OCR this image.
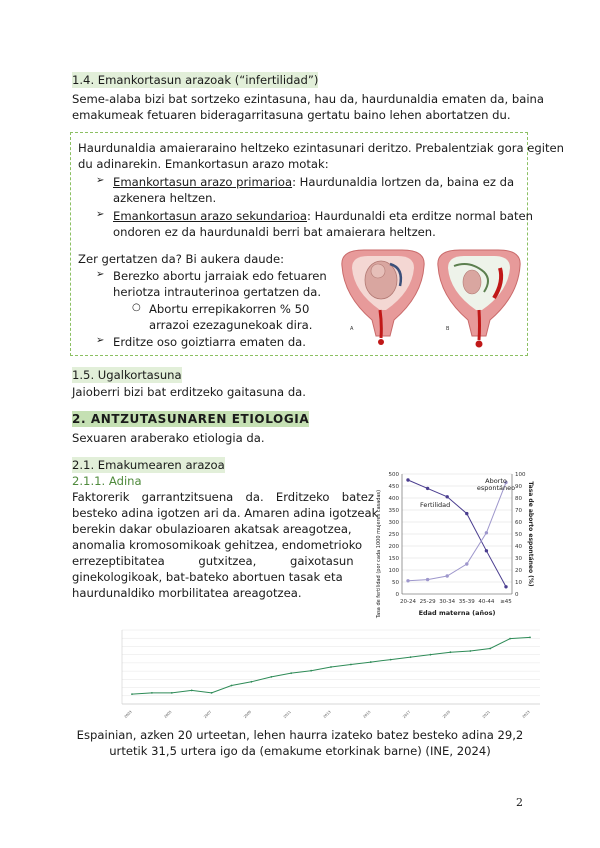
1.4. Emankortasun arazoak (“infertilidad”)
Seme-alaba bizi bat sortzeko ezintasuna, hau da, haurdunaldia ematen da, baina
emakumeak fetuaren bideragarritasuna gertatu baino lehen abortatzen du.
Haurdunaldia amaieraraino heltzeko ezintasunari deritzo. Prebalentziak gora egiten
du adinarekin. Emankortasun arazo motak:
➢ Emankortasun arazo primarioa: Haurdunaldia lortzen da, baina ez da
azkenera heltzen.
➢ Emankortasun arazo sekundarioa: Haurdunaldi eta erditze normal baten
ondoren ez da haurdunaldi berri bat amaierara heltzen.
Zer gertatzen da? Bi aukera daude:
➢ Berezko abortu jarraiak edo fetuaren
heriotza intrauterinoa gertatzen da.
○ Abortu errepikakorren % 50
arrazoi ezezagunekoak dira.
➢ Erditze oso goiztiarra ematen da.
A	B
1.5. Ugalkortasuna
Jaioberri bizi bat erditzeko gaitasuna da.
2. ANTZUTASUNAREN ETIOLOGIA
Sexuaren araberako etiologia da.
2.1. Emakumearen arazoa
2.1.1. Adina
Faktorerik garrantzitsuena da. Erditzeko batez
besteko adina igotzen ari da. Amaren adina igotzeak
berekin dakar obulazioaren akatsak areagotzea,
anomalia kromosomikoak gehitzea, endometrioko
errezeptibitatea gutxitzea, gaixotasun
ginekologikoak, bat-bateko abortuen tasak eta
haurdunaldiko morbilitatea areagotzea.	0
50
100
150
200
250
300
350
400
450
500
0
10
20
30
40
50
60
70
80
90
100
20-24 25-29 30-34 35-39 40-44 ≥45
Fertilidad
Aborto
espontáneo
Edad materna (años)
Tasa de fertilidad (por cada 1000 mujeres casadas)	Tasa de aborto espontáneo (%)
2003	2005	2007	2009	2011	2013	2015	2017	2019	2021	2023
Espainian, azken 20 urteetan, lehen haurra izateko batez besteko adina 29,2
urtetik 31,5 urtera igo da (emakume etorkinak barne) (INE, 2024)
2
